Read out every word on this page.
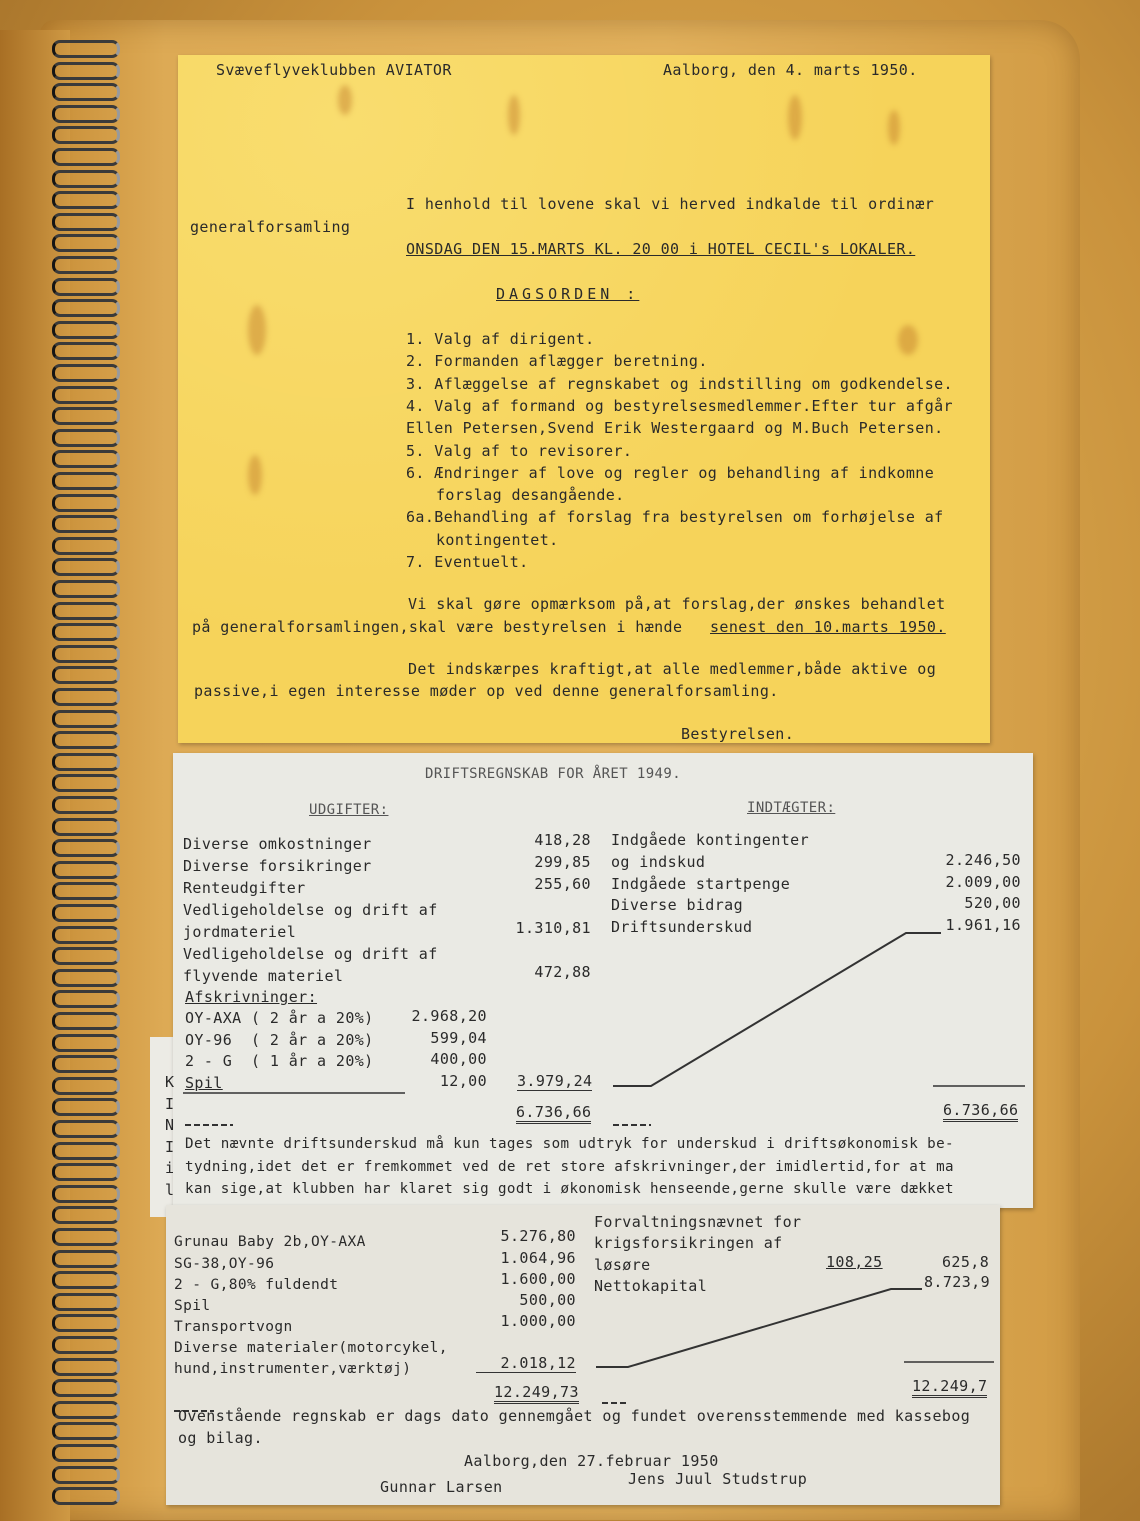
Svæveflyveklubben AVIATOR	Aalborg, den 4. marts 1950.
I henhold til lovene skal vi herved indkalde til ordinær
generalforsamling
ONSDAG DEN 15.MARTS KL. 20 00 i HOTEL CECIL's LOKALER.
DAGSORDEN :
1. Valg af dirigent.
2. Formanden aflægger beretning.
3. Aflæggelse af regnskabet og indstilling om godkendelse.
4. Valg af formand og bestyrelsesmedlemmer.Efter tur afgår
Ellen Petersen,Svend Erik Westergaard og M.Buch Petersen.
5. Valg af to revisorer.
6. Ændringer af love og regler og behandling af indkomne
forslag desangående.
6a.Behandling af forslag fra bestyrelsen om forhøjelse af
kontingentet.
7. Eventuelt.
Vi skal gøre opmærksom på,at forslag,der ønskes behandlet
på generalforsamlingen,skal være bestyrelsen i hænde senest den 10.marts 1950.
Det indskærpes kraftigt,at alle medlemmer,både aktive og
passive,i egen interesse møder op ved denne generalforsamling.
Bestyrelsen.
DRIFTSREGNSKAB FOR ÅRET 1949.
UDGIFTER:	INDTÆGTER:
Diverse omkostninger	418,28
Diverse forsikringer	299,85
Renteudgifter	255,60
Vedligeholdelse og drift af
jordmateriel	1.310,81
Vedligeholdelse og drift af
flyvende materiel	472,88
Afskrivninger:
OY-AXA ( 2 år a 20%)	2.968,20
OY-96  ( 2 år a 20%)	599,04
2 - G  ( 1 år a 20%)	400,00
Spil	12,00 3.979,24
6.736,66
Indgåede kontingenter
og indskud	2.246,50
Indgåede startpenge	2.009,00
Diverse bidrag	520,00
Driftsunderskud	1.961,16
6.736,66
Det nævnte driftsunderskud må kun tages som udtryk for underskud i driftsøkonomisk be-
tydning,idet det er fremkommet ved de ret store afskrivninger,der imidlertid,for at ma
kan sige,at klubben har klaret sig godt i økonomisk henseende,gerne skulle være dækket
K
I
N
I
i
l
Grunau Baby 2b,OY-AXA	5.276,80
SG-38,OY-96	1.064,96
2 - G,80% fuldendt	1.600,00
Spil	500,00
Transportvogn	1.000,00
Diverse materialer(motorcykel,
hund,instrumenter,værktøj)	2.018,12
12.249,73
Forvaltningsnævnet for
krigsforsikringen af
løsøre	108,25	625,8
Nettokapital	8.723,9
12.249,7
Ovenstående regnskab er dags dato gennemgået og fundet overensstemmende med kassebog
og bilag.
Aalborg,den 27.februar 1950
Gunnar Larsen	Jens Juul Studstrup
